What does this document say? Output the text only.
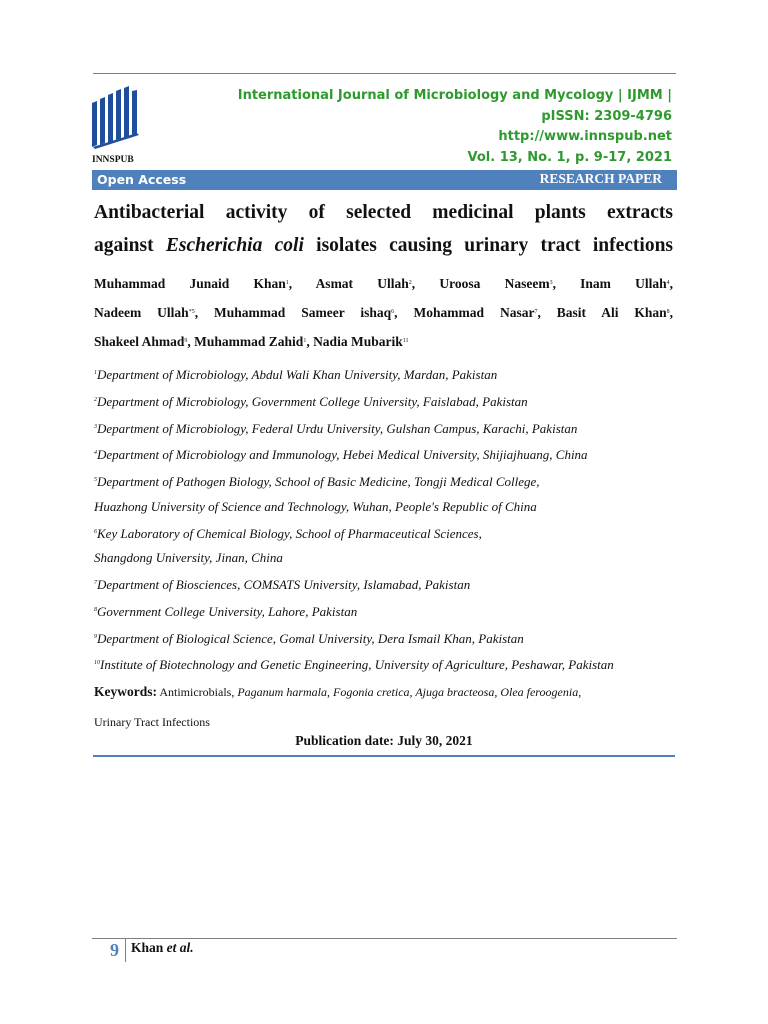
INNSPUB
International Journal of Microbiology and Mycology | IJMM |
pISSN: 2309-4796
http://www.innspub.net
Vol. 13, No. 1, p. 9-17, 2021
Open Access	RESEARCH PAPER
Antibacterial activity of selected medicinal plants extracts
against Escherichia coli isolates causing urinary tract infections
Muhammad Junaid Khan$^1$, Asmat Ullah$^2$, Uroosa Naseem$^3$, Inam Ullah$^4$,
Nadeem Ullah$^{*5}$, Muhammad Sameer ishaq$^6$, Mohammad Nasar$^7$, Basit Ali Khan$^8$,
Shakeel Ahmad$^9$, Muhammad Zahid$^1$, Nadia Mubarik$^{11}$
$^1$Department of Microbiology, Abdul Wali Khan University, Mardan, Pakistan
$^2$Department of Microbiology, Government College University, Faislabad, Pakistan
$^3$Department of Microbiology, Federal Urdu University, Gulshan Campus, Karachi, Pakistan
$^4$Department of Microbiology and Immunology, Hebei Medical University, Shijiajhuang, China
$^5$Department of Pathogen Biology, School of Basic Medicine, Tongji Medical College,
Huazhong University of Science and Technology, Wuhan, People's Republic of China
$^6$Key Laboratory of Chemical Biology, School of Pharmaceutical Sciences,
Shangdong University, Jinan, China
$^7$Department of Biosciences, COMSATS University, Islamabad, Pakistan
$^8$Government College University, Lahore, Pakistan
$^9$Department of Biological Science, Gomal University, Dera Ismail Khan, Pakistan
$^{10}$Institute of Biotechnology and Genetic Engineering, University of Agriculture, Peshawar, Pakistan
Keywords: Antimicrobials, Paganum harmala, Fogonia cretica, Ajuga bracteosa, Olea feroogenia,
Urinary Tract Infections
Publication date: July 30, 2021
9 Khan et al.
